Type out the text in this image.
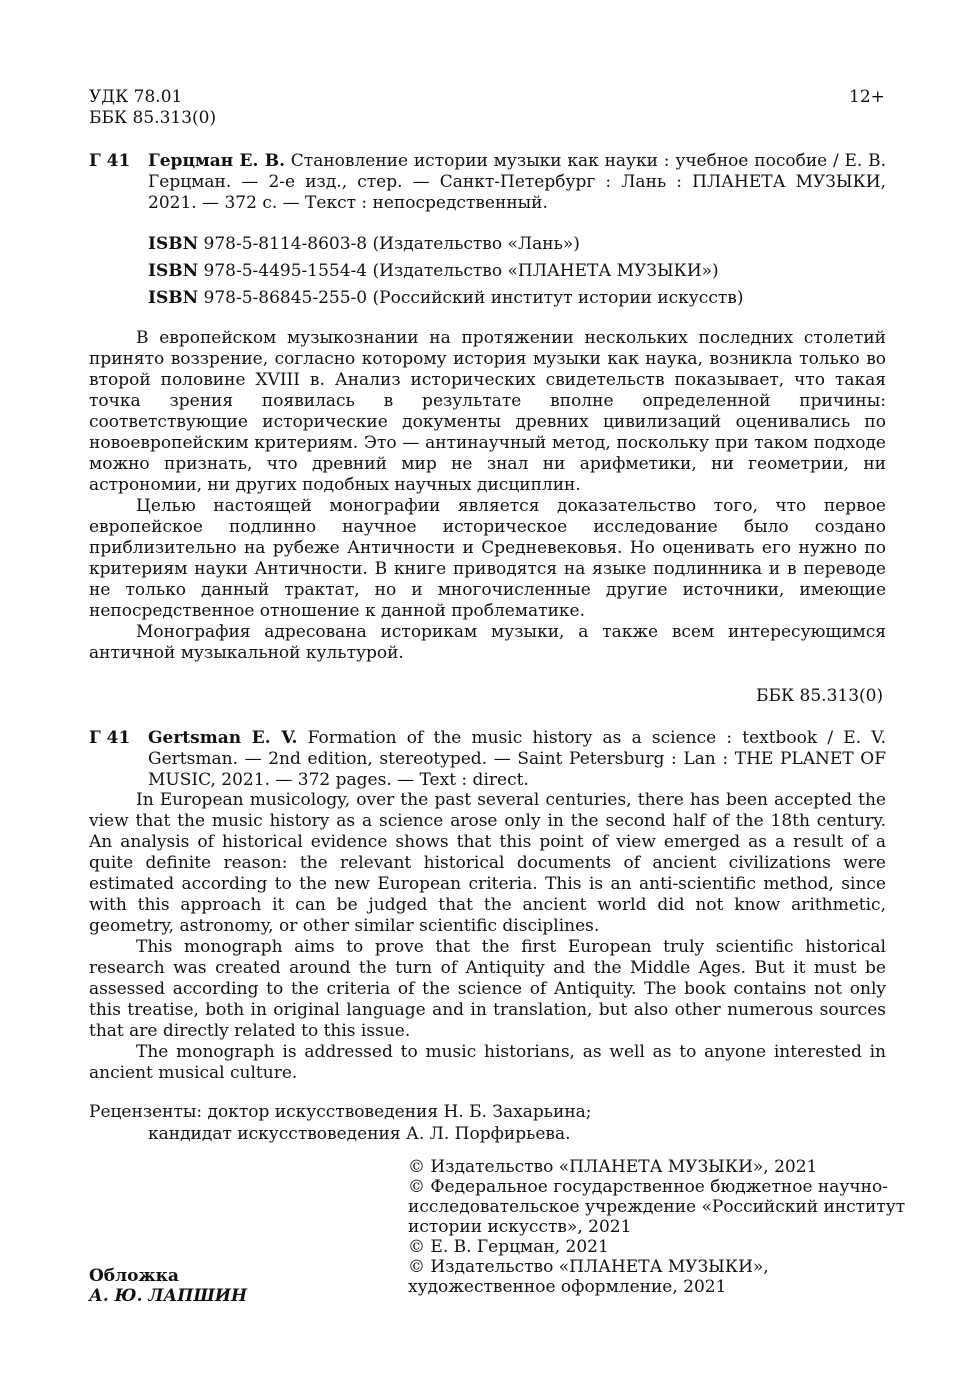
УДК 78.01
ББК 85.313(0)
12+
Г 41 Герцман Е. В. Становление истории музыки как науки : учебное пособие / Е. В. Герцман. — 2-е изд., стер. — Санкт-Петербург : Лань : ПЛАНЕТА МУЗЫКИ, 2021. — 372 с. — Текст : непосредственный.
ISBN 978-5-8114-8603-8 (Издательство «Лань»)
ISBN 978-5-4495-1554-4 (Издательство «ПЛАНЕТА МУЗЫКИ»)
ISBN 978-5-86845-255-0 (Российский институт истории искусств)

В европейском музыкознании на протяжении нескольких последних столетий принято воззрение, согласно которому история музыки как наука, возникла только во второй половине XVIII в. Анализ исторических свидетельств показывает, что такая точка зрения появилась в результате вполне определенной причины: соответствующие исторические документы древних цивилизаций оценивались по новоевропейским критериям. Это — антинаучный метод, поскольку при таком подходе можно признать, что древний мир не знал ни арифметики, ни геометрии, ни астрономии, ни других подобных научных дисциплин.

Целью настоящей монографии является доказательство того, что первое европейское подлинно научное историческое исследование было создано приблизительно на рубеже Античности и Средневековья. Но оценивать его нужно по критериям науки Античности. В книге приводятся на языке подлинника и в переводе не только данный трактат, но и многочисленные другие источники, имеющие непосредственное отношение к данной проблематике.

Монография адресована историкам музыки, а также всем интересующимся античной музыкальной культурой.

ББК 85.313(0)
Г 41 Gertsman E. V. Formation of the music history as a science : textbook / E. V. Gertsman. — 2nd edition, stereotyped. — Saint Petersburg : Lan : THE PLANET OF MUSIC, 2021. — 372 pages. — Text : direct.

In European musicology, over the past several centuries, there has been accepted the view that the music history as a science arose only in the second half of the 18th century. An analysis of historical evidence shows that this point of view emerged as a result of a quite definite reason: the relevant historical documents of ancient civilizations were estimated according to the new European criteria. This is an anti-scientific method, since with this approach it can be judged that the ancient world did not know arithmetic, geometry, astronomy, or other similar scientific disciplines.

This monograph aims to prove that the first European truly scientific historical research was created around the turn of Antiquity and the Middle Ages. But it must be assessed according to the criteria of the science of Antiquity. The book contains not only this treatise, both in original language and in translation, but also other numerous sources that are directly related to this issue.

The monograph is addressed to music historians, as well as to anyone interested in ancient musical culture.

Рецензенты: доктор искусствоведения Н. Б. Захарьина;
кандидат искусствоведения А. Л. Порфирьева.
© Издательство «ПЛАНЕТА МУЗЫКИ», 2021
© Федеральное государственное бюджетное научно-
исследовательское учреждение «Российский институт
истории искусств», 2021
© Е. В. Герцман, 2021
© Издательство «ПЛАНЕТА МУЗЫКИ»,
художественное оформление, 2021
Обложка
А. Ю. ЛАПШИН
